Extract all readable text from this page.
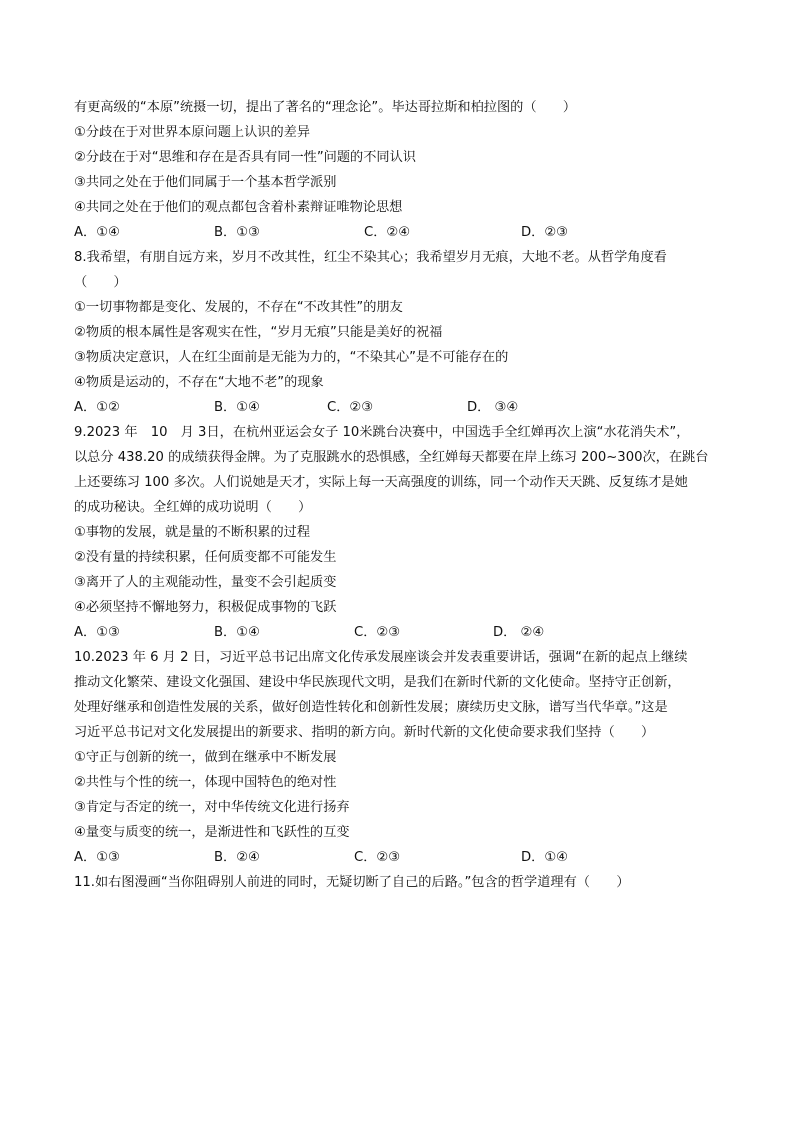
有更高级的“本原”统摄一切，提出了著名的“理念论”。毕达哥拉斯和柏拉图的（　　）
①分歧在于对世界本原问题上认识的差异
②分歧在于对“思维和存在是否具有同一性”问题的不同认识
③共同之处在于他们同属于一个基本哲学派别
④共同之处在于他们的观点都包含着朴素辩证唯物论思想
A．①④	B．①③	C．②④	D．②③
8.我希望，有朋自远方来，岁月不改其性，红尘不染其心；我希望岁月无痕，大地不老。从哲学角度看
（　　）
①一切事物都是变化、发展的，不存在“不改其性”的朋友
②物质的根本属性是客观实在性，“岁月无痕”只能是美好的祝福
③物质决定意识，人在红尘面前是无能为力的，“不染其心”是不可能存在的
④物质是运动的，不存在“大地不老”的现象
A．①②	B．①④	C．②③	D． ③④
9.2023 年　10　月 3日，在杭州亚运会女子 10米跳台决赛中，中国选手全红婵再次上演“水花消失术”，
以总分 438.20 的成绩获得金牌。为了克服跳水的恐惧感，全红婵每天都要在岸上练习 200~300次，在跳台
上还要练习 100 多次。人们说她是天才，实际上每一天高强度的训练，同一个动作天天跳、反复练才是她
的成功秘诀。全红婵的成功说明（　　）
①事物的发展，就是量的不断积累的过程
②没有量的持续积累，任何质变都不可能发生
③离开了人的主观能动性，量变不会引起质变
④必须坚持不懈地努力，积极促成事物的飞跃
A．①③	B．①④	C．②③	D． ②④
10.2023 年 6 月 2 日，习近平总书记出席文化传承发展座谈会并发表重要讲话，强调“在新的起点上继续
推动文化繁荣、建设文化强国、建设中华民族现代文明，是我们在新时代新的文化使命。坚持守正创新，
处理好继承和创造性发展的关系，做好创造性转化和创新性发展；赓续历史文脉，谱写当代华章。”这是
习近平总书记对文化发展提出的新要求、指明的新方向。新时代新的文化使命要求我们坚持（　　）
①守正与创新的统一，做到在继承中不断发展
②共性与个性的统一，体现中国特色的绝对性
③肯定与否定的统一，对中华传统文化进行扬弃
④量变与质变的统一，是渐进性和飞跃性的互变
A．①③	B．②④	C．②③	D．①④
11.如右图漫画“当你阻碍别人前进的同时，无疑切断了自己的后路。”包含的哲学道理有（　　）
